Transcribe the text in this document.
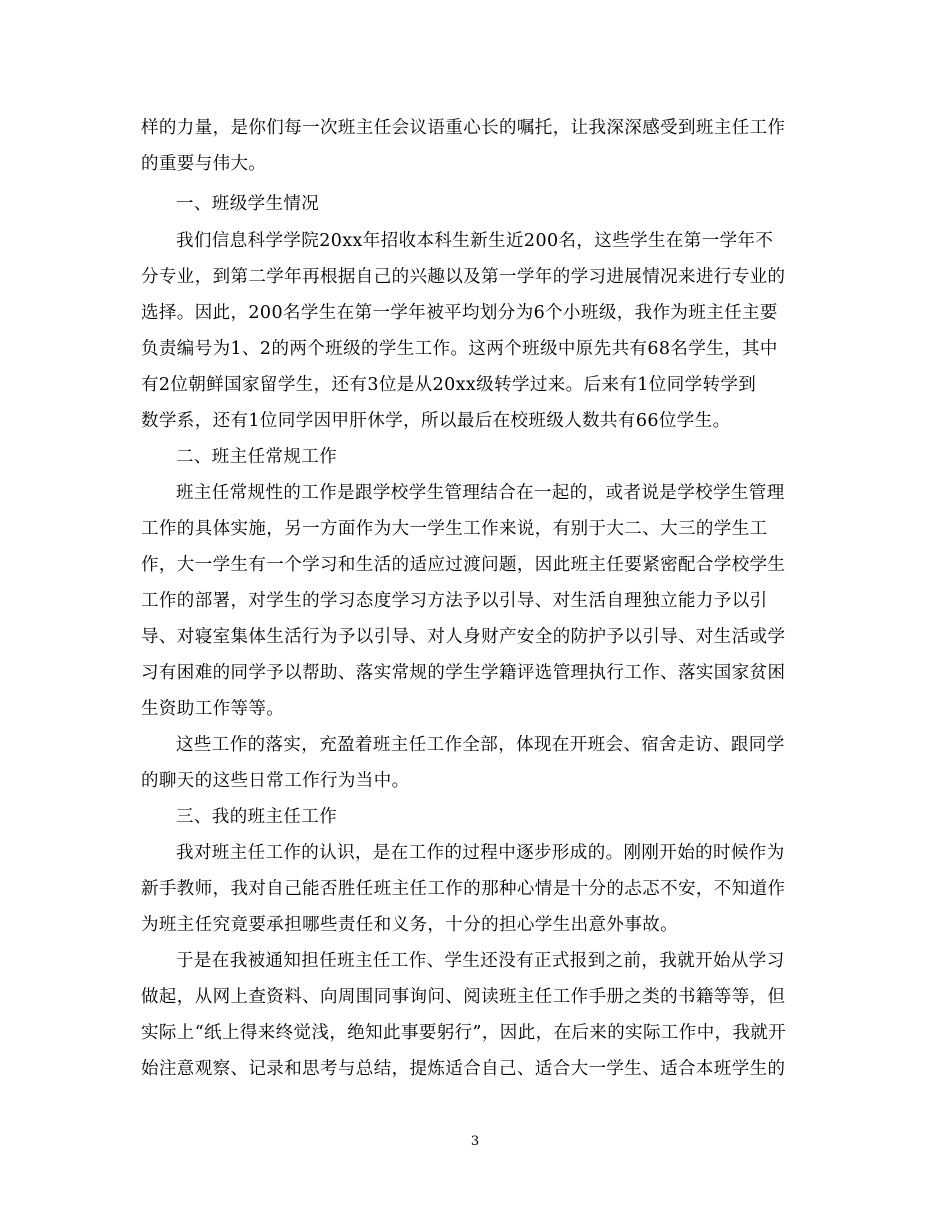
样的力量，是你们每一次班主任会议语重心长的嘱托，让我深深感受到班主任工作
的重要与伟大。
一、班级学生情况
我们信息科学学院20xx年招收本科生新生近200名，这些学生在第一学年不
分专业，到第二学年再根据自己的兴趣以及第一学年的学习进展情况来进行专业的
选择。因此，200名学生在第一学年被平均划分为6个小班级，我作为班主任主要
负责编号为1、2的两个班级的学生工作。这两个班级中原先共有68名学生，其中
有2位朝鲜国家留学生，还有3位是从20xx级转学过来。后来有1位同学转学到
数学系，还有1位同学因甲肝休学，所以最后在校班级人数共有66位学生。
二、班主任常规工作
班主任常规性的工作是跟学校学生管理结合在一起的，或者说是学校学生管理
工作的具体实施，另一方面作为大一学生工作来说，有别于大二、大三的学生工
作，大一学生有一个学习和生活的适应过渡问题，因此班主任要紧密配合学校学生
工作的部署，对学生的学习态度学习方法予以引导、对生活自理独立能力予以引
导、对寝室集体生活行为予以引导、对人身财产安全的防护予以引导、对生活或学
习有困难的同学予以帮助、落实常规的学生学籍评选管理执行工作、落实国家贫困
生资助工作等等。
这些工作的落实，充盈着班主任工作全部，体现在开班会、宿舍走访、跟同学
的聊天的这些日常工作行为当中。
三、我的班主任工作
我对班主任工作的认识，是在工作的过程中逐步形成的。刚刚开始的时候作为
新手教师，我对自己能否胜任班主任工作的那种心情是十分的忐忑不安，不知道作
为班主任究竟要承担哪些责任和义务，十分的担心学生出意外事故。
于是在我被通知担任班主任工作、学生还没有正式报到之前，我就开始从学习
做起，从网上查资料、向周围同事询问、阅读班主任工作手册之类的书籍等等，但
实际上“纸上得来终觉浅，绝知此事要躬行”，因此，在后来的实际工作中，我就开
始注意观察、记录和思考与总结，提炼适合自己、适合大一学生、适合本班学生的
3
